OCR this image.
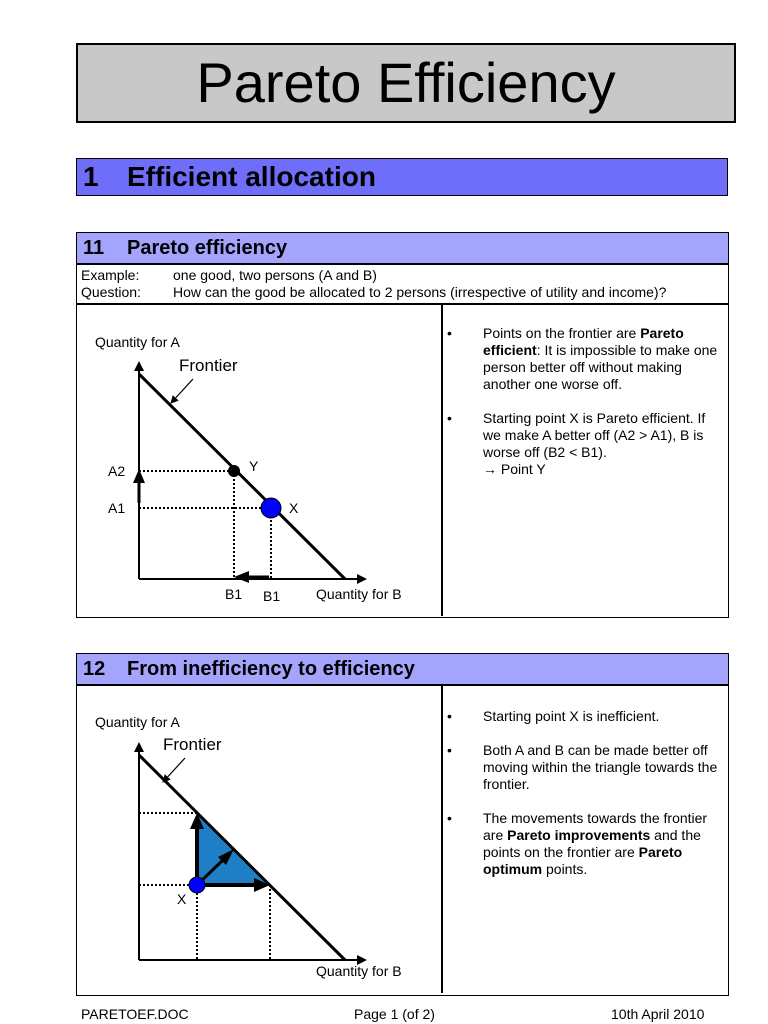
Pareto Efficiency
1	Efficient allocation
11	Pareto efficiency
Example: one good, two persons (A and B)
Question: How can the good be allocated to 2 persons (irrespective of utility and income)?
Quantity for A
Frontier
A2
A1
Y
X
B1 B1	Quantity for B
• Points on the frontier are Pareto efficient: It is impossible to make one person better off without making another one worse off.
• Starting point X is Pareto efficient. If we make A better off (A2 > A1), B is worse off (B2 < B1).
→ Point Y
12	From inefficiency to efficiency
Quantity for A
Frontier
X
Quantity for B
• Starting point X is inefficient.
• Both A and B can be made better off moving within the triangle towards the frontier.
• The movements towards the frontier are Pareto improvements and the points on the frontier are Pareto optimum points.
PARETOEF.DOC	Page 1 (of 2)	10th April 2010
